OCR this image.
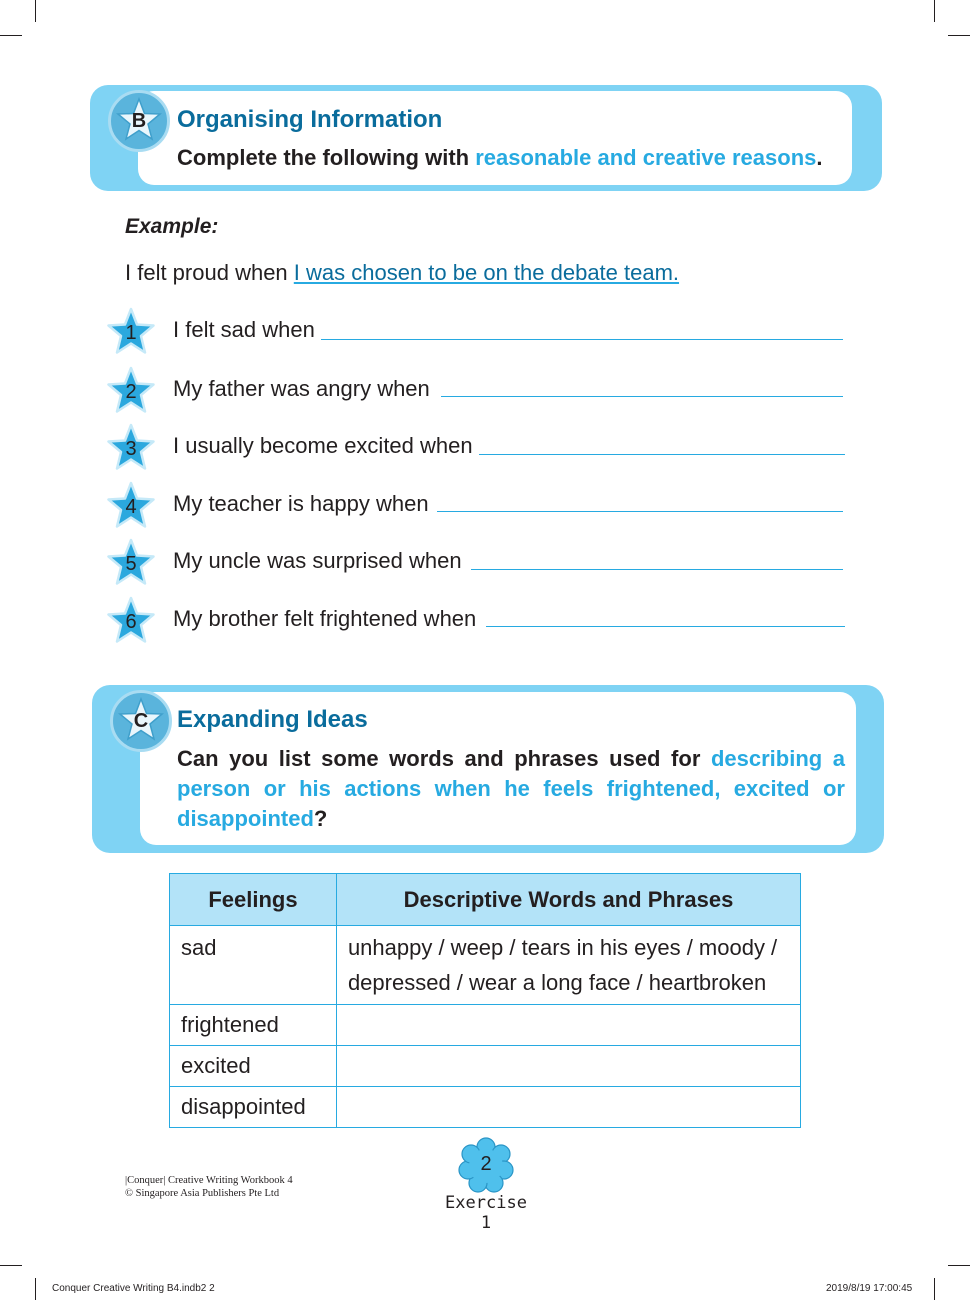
B	Organising Information
Complete the following with reasonable and creative reasons.
Example:
I felt proud when I was chosen to be on the debate team.
1	I felt sad when
2	My father was angry when
3	I usually become excited when
4	My teacher is happy when
5	My uncle was surprised when
6	My brother felt frightened when
C	Expanding Ideas
Can you list some words and phrases used for describing a person or his actions when he feels frightened, excited or disappointed?
Feelings	Descriptive Words and Phrases
sad	unhappy / weep / tears in his eyes / moody /
depressed / wear a long face / heartbroken

frightened	
excited	
disappointed	
|Conquer| Creative Writing Workbook 4
© Singapore Asia Publishers Pte Ltd
2
Exercise 1
Conquer Creative Writing B4.indb2 2	2019/8/19 17:00:45
